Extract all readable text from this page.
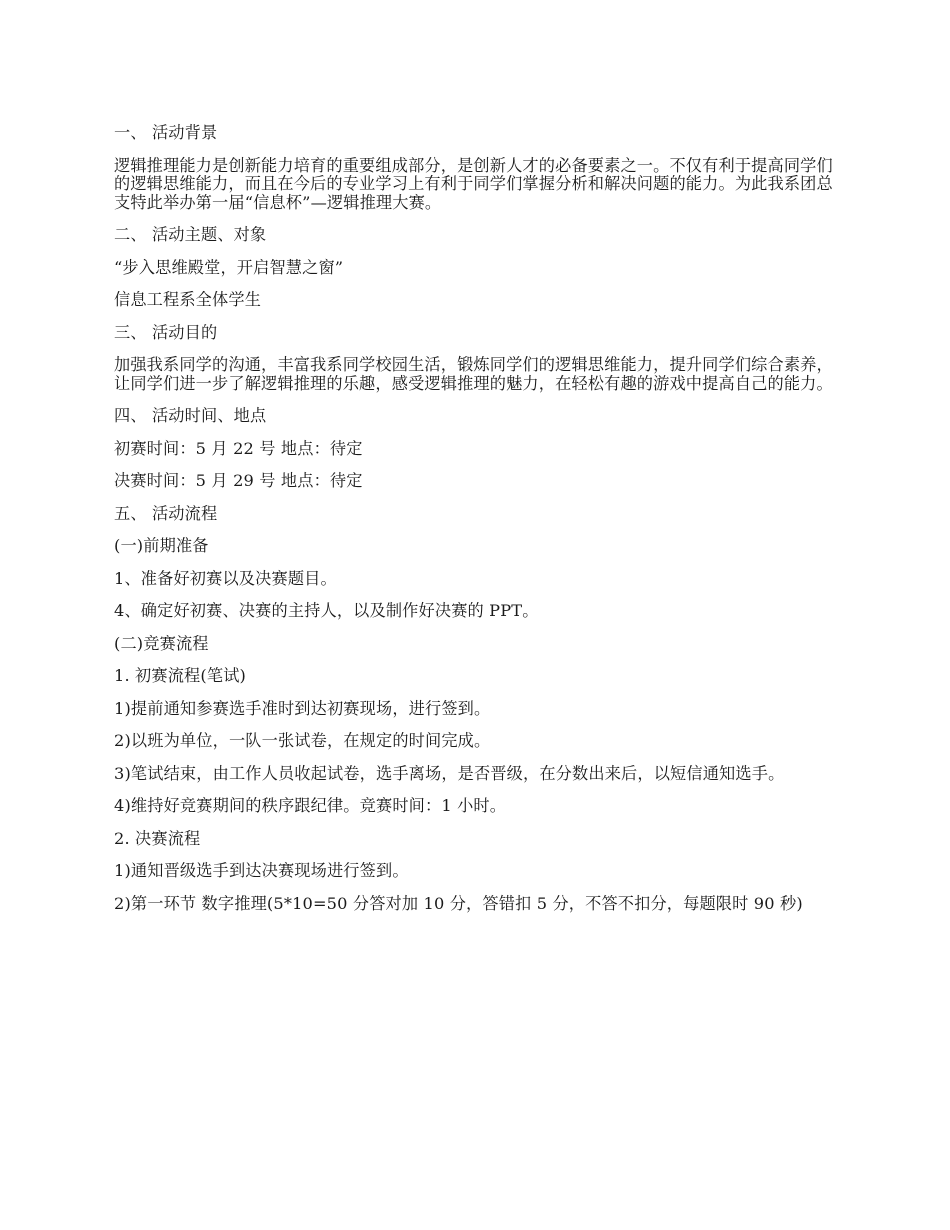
一、 活动背景

逻辑推理能力是创新能力培育的重要组成部分，是创新人才的必备要素之一。不仅有利于提高同学们的逻辑思维能力，而且在今后的专业学习上有利于同学们掌握分析和解决问题的能力。为此我系团总支特此举办第一届“信息杯”—逻辑推理大赛。

二、 活动主题、对象

“步入思维殿堂，开启智慧之窗”

信息工程系全体学生

三、 活动目的

加强我系同学的沟通，丰富我系同学校园生活，锻炼同学们的逻辑思维能力，提升同学们综合素养，让同学们进一步了解逻辑推理的乐趣，感受逻辑推理的魅力，在轻松有趣的游戏中提高自己的能力。

四、 活动时间、地点

初赛时间：5 月 22 号 地点：待定

决赛时间：5 月 29 号 地点：待定

五、 活动流程

(一)前期准备

1、准备好初赛以及决赛题目。

4、确定好初赛、决赛的主持人，以及制作好决赛的 PPT。

(二)竞赛流程

1. 初赛流程(笔试)

1)提前通知参赛选手准时到达初赛现场，进行签到。

2)以班为单位，一队一张试卷，在规定的时间完成。

3)笔试结束，由工作人员收起试卷，选手离场，是否晋级，在分数出来后，以短信通知选手。

4)维持好竞赛期间的秩序跟纪律。竞赛时间：1 小时。

2. 决赛流程

1)通知晋级选手到达决赛现场进行签到。

2)第一环节 数字推理(5*10=50 分答对加 10 分，答错扣 5 分，不答不扣分，每题限时 90 秒)
